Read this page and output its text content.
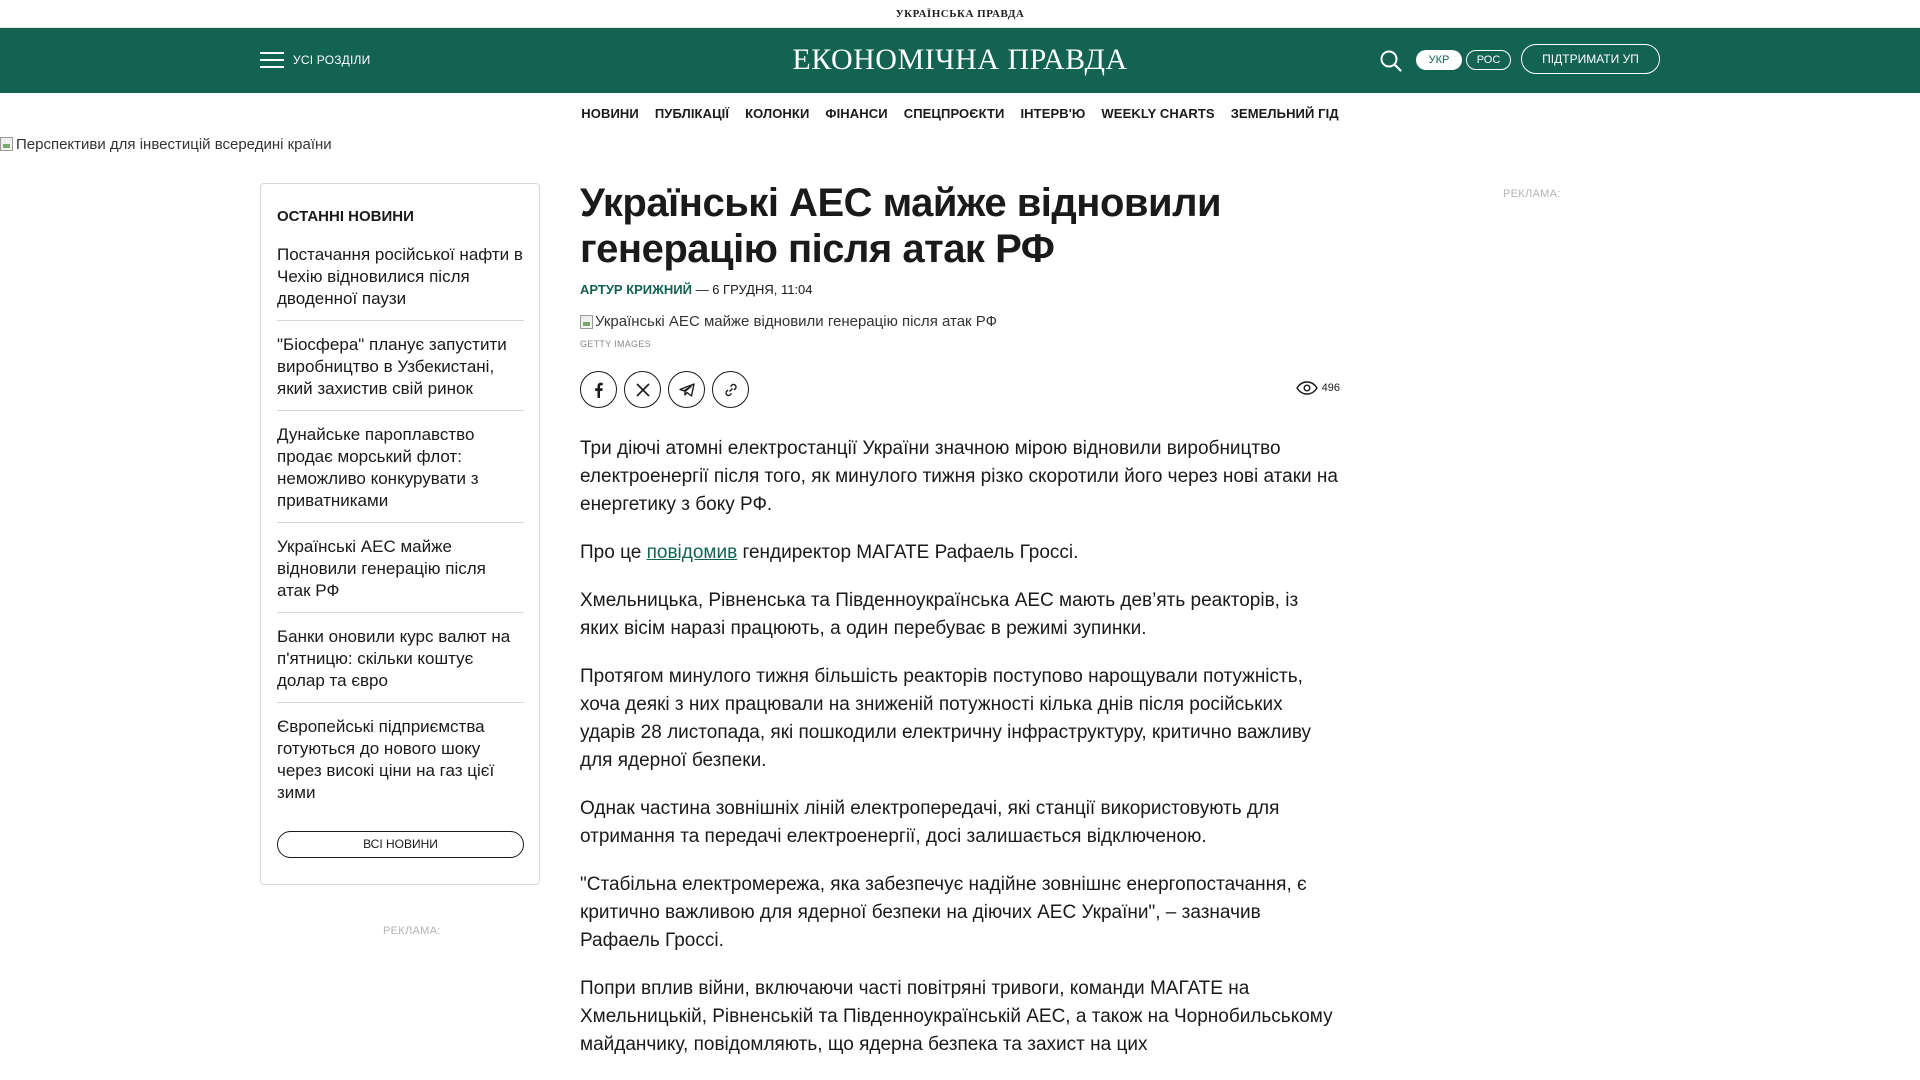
УКРАЇНСЬКА ПРАВДА
УСІ РОЗДІЛИ	ЕКОНОМІЧНА ПРАВДА	УКР	РОС	ПІДТРИМАТИ УП
НОВИНИ ПУБЛІКАЦІЇ КОЛОНКИ ФІНАНСИ СПЕЦПРОЄКТИ ІНТЕРВ'Ю WEEKLY CHARTS ЗЕМЕЛЬНИЙ ГІД
Перспективи для інвестицій всередині країни
ОСТАННІ НОВИНИ
Постачання російської нафти в Чехію відновилися після дводенної паузи
"Біосфера" планує запустити виробництво в Узбекистані, який захистив свій ринок
Дунайське пароплавство продає морський флот: неможливо конкурувати з приватниками
Українські АЕС майже відновили генерацію після атак РФ
Банки оновили курс валют на п'ятницю: скільки коштує долар та євро
Європейські підприємства готуються до нового шоку через високі ціни на газ цієї зими
ВСІ НОВИНИ
РЕКЛАМА:
РЕКЛАМА:
Українські АЕС майже відновили генерацію після атак РФ
АРТУР КРИЖНИЙ — 6 ГРУДНЯ, 11:04
Українські АЕС майже відновили генерацію після атак РФ
GETTY IMAGES
496

Три діючі атомні електростанції України значною мірою відновили виробництво електроенергії після того, як минулого тижня різко скоротили його через нові атаки на енергетику з боку РФ.

Про це повідомив гендиректор МАГАТЕ Рафаель Гроссі.

Хмельницька, Рівненська та Південноукраїнська АЕС мають дев’ять реакторів, із яких вісім наразі працюють, а один перебуває в режимі зупинки.

Протягом минулого тижня більшість реакторів поступово нарощували потужність, хоча деякі з них працювали на зниженій потужності кілька днів після російських ударів 28 листопада, які пошкодили електричну інфраструктуру, критично важливу для ядерної безпеки.

Однак частина зовнішніх ліній електропередачі, які станції використовують для отримання та передачі електроенергії, досі залишається відключеною.

"Стабільна електромережа, яка забезпечує надійне зовнішнє енергопостачання, є критично важливою для ядерної безпеки на діючих АЕС України", – зазначив Рафаель Гроссі.

Попри вплив війни, включаючи часті повітряні тривоги, команди МАГАТЕ на Хмельницькій, Рівненській та Південноукраїнській АЕС, а також на Чорнобильському майданчику, повідомляють, що ядерна безпека та захист на цих
